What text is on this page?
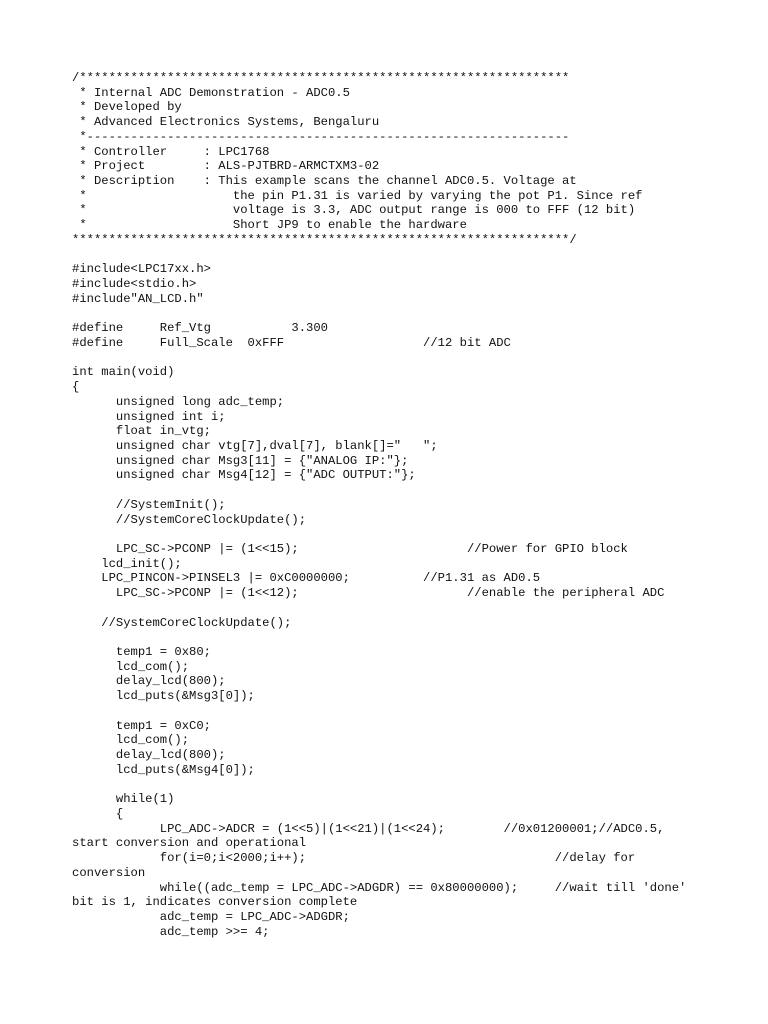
/*******************************************************************
* Internal ADC Demonstration - ADC0.5
* Developed by
* Advanced Electronics Systems, Bengaluru
*------------------------------------------------------------------
* Controller     : LPC1768
* Project        : ALS-PJTBRD-ARMCTXM3-02
* Description    : This example scans the channel ADC0.5. Voltage at
*                    the pin P1.31 is varied by varying the pot P1. Since ref
*                    voltage is 3.3, ADC output range is 000 to FFF (12 bit)
*                    Short JP9 to enable the hardware
********************************************************************/
#include<LPC17xx.h>
#include<stdio.h>
#include"AN_LCD.h"
#define     Ref_Vtg           3.300
#define     Full_Scale  0xFFF                   //12 bit ADC
int main(void)
{
unsigned long adc_temp;
unsigned int i;
float in_vtg;
unsigned char vtg[7],dval[7], blank[]="   ";
unsigned char Msg3[11] = {"ANALOG IP:"};
unsigned char Msg4[12] = {"ADC OUTPUT:"};
//SystemInit();
//SystemCoreClockUpdate();
LPC_SC->PCONP |= (1<<15);                       //Power for GPIO block
lcd_init();
LPC_PINCON->PINSEL3 |= 0xC0000000;          //P1.31 as AD0.5
LPC_SC->PCONP |= (1<<12);                       //enable the peripheral ADC
//SystemCoreClockUpdate();
temp1 = 0x80;
lcd_com();
delay_lcd(800);
lcd_puts(&Msg3[0]);
temp1 = 0xC0;
lcd_com();
delay_lcd(800);
lcd_puts(&Msg4[0]);
while(1)
{
LPC_ADC->ADCR = (1<<5)|(1<<21)|(1<<24);        //0x01200001;//ADC0.5,
start conversion and operational
for(i=0;i<2000;i++);                                  //delay for
conversion
while((adc_temp = LPC_ADC->ADGDR) == 0x80000000);     //wait till 'done'
bit is 1, indicates conversion complete
adc_temp = LPC_ADC->ADGDR;
adc_temp >>= 4;
